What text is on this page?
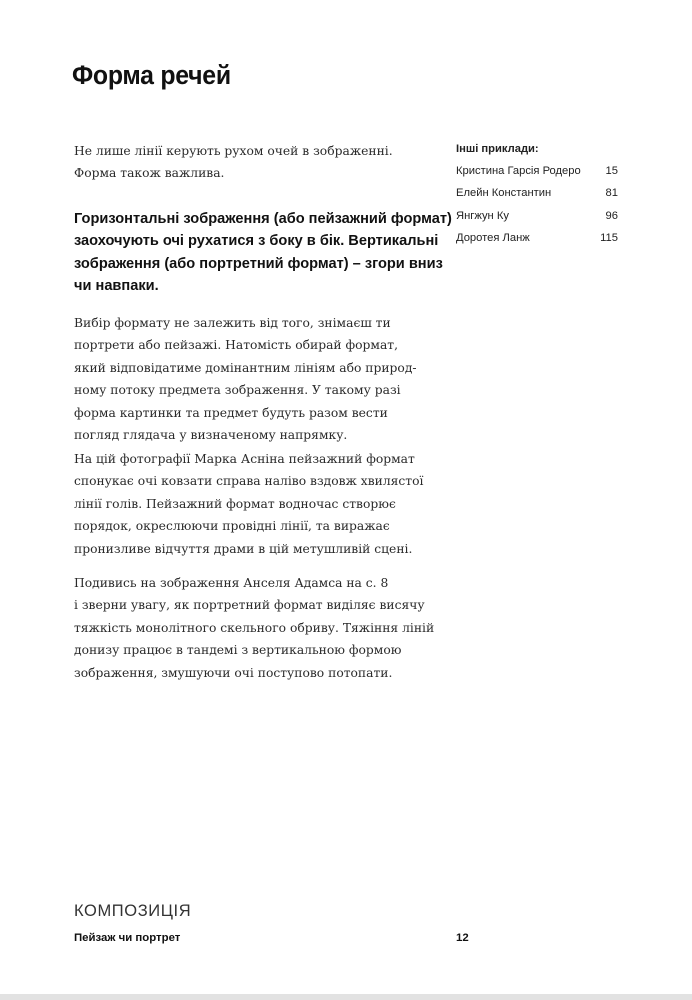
Форма речей

Не лише лінії керують рухом очей в зображенні.
Форма також важлива.

Горизонтальні зображення (або пейзажний формат)
заохочують очі рухатися з боку в бік. Вертикальні
зображення (або портретний формат) – згори вниз
чи навпаки.

Вибір формату не залежить від того, знімаєш ти
портрети або пейзажі. Натомість обирай формат,
який відповідатиме домінантним лініям або природ-
ному потоку предмета зображення. У такому разі
форма картинки та предмет будуть разом вести
погляд глядача у визначеному напрямку.

На цій фотографії Марка Асніна пейзажний формат
спонукає очі ковзати справа наліво вздовж хвилястої
лінії голів. Пейзажний формат водночас створює
порядок, окреслюючи провідні лінії, та виражає
пронизливе відчуття драми в цій метушливій сцені.

Подивись на зображення Анселя Адамса на с. 8
і зверни увагу, як портретний формат виділяє висячу
тяжкість монолітного скельного обриву. Тяжіння ліній
донизу працює в тандемі з вертикальною формою
зображення, змушуючи очі поступово потопати.

Інші приклади:
Кристина Гарсія Родеро 15
Елейн Константин	81
Янгжун Ку	96
Доротея Ланж	115
КОМПОЗИЦІЯ
Пейзаж чи портрет	12
